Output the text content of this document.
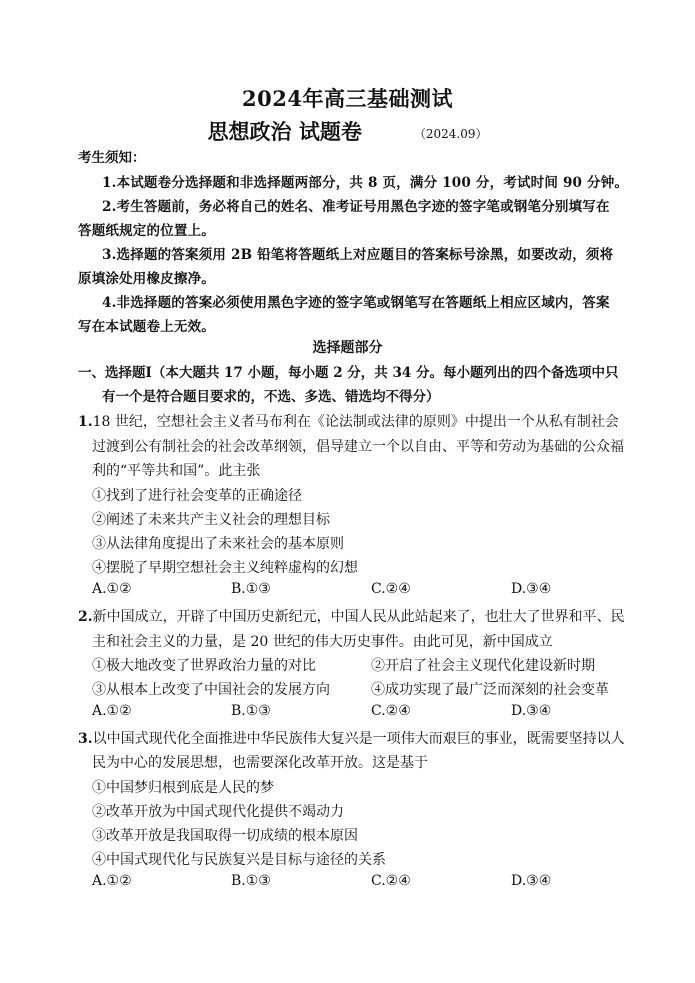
2024年高三基础测试
思想政治 试题卷	（2024.09）
考生须知：
1.本试题卷分选择题和非选择题两部分，共 8 页，满分 100 分，考试时间 90 分钟。
2.考生答题前，务必将自己的姓名、准考证号用黑色字迹的签字笔或钢笔分别填写在
答题纸规定的位置上。
3.选择题的答案须用 2B 铅笔将答题纸上对应题目的答案标号涂黑，如要改动，须将
原填涂处用橡皮擦净。
4.非选择题的答案必须使用黑色字迹的签字笔或钢笔写在答题纸上相应区域内，答案
写在本试题卷上无效。
选择题部分
一、选择题Ⅰ（本大题共 17 小题，每小题 2 分，共 34 分。每小题列出的四个备选项中只
有一个是符合题目要求的，不选、多选、错选均不得分）
1.18 世纪，空想社会主义者马布利在《论法制或法律的原则》中提出一个从私有制社会
过渡到公有制社会的社会改革纲领，倡导建立一个以自由、平等和劳动为基础的公众福
利的“平等共和国”。此主张
①找到了进行社会变革的正确途径
②阐述了未来共产主义社会的理想目标
③从法律角度提出了未来社会的基本原则
④摆脱了早期空想社会主义纯粹虚构的幻想
A.①②	B.①③	C.②④	D.③④
2.新中国成立，开辟了中国历史新纪元，中国人民从此站起来了，也壮大了世界和平、民
主和社会主义的力量，是 20 世纪的伟大历史事件。由此可见，新中国成立
①极大地改变了世界政治力量的对比	②开启了社会主义现代化建设新时期
③从根本上改变了中国社会的发展方向	④成功实现了最广泛而深刻的社会变革
A.①②	B.①③	C.②④	D.③④
3.以中国式现代化全面推进中华民族伟大复兴是一项伟大而艰巨的事业，既需要坚持以人
民为中心的发展思想，也需要深化改革开放。这是基于
①中国梦归根到底是人民的梦
②改革开放为中国式现代化提供不竭动力
③改革开放是我国取得一切成绩的根本原因
④中国式现代化与民族复兴是目标与途径的关系
A.①②	B.①③	C.②④	D.③④
